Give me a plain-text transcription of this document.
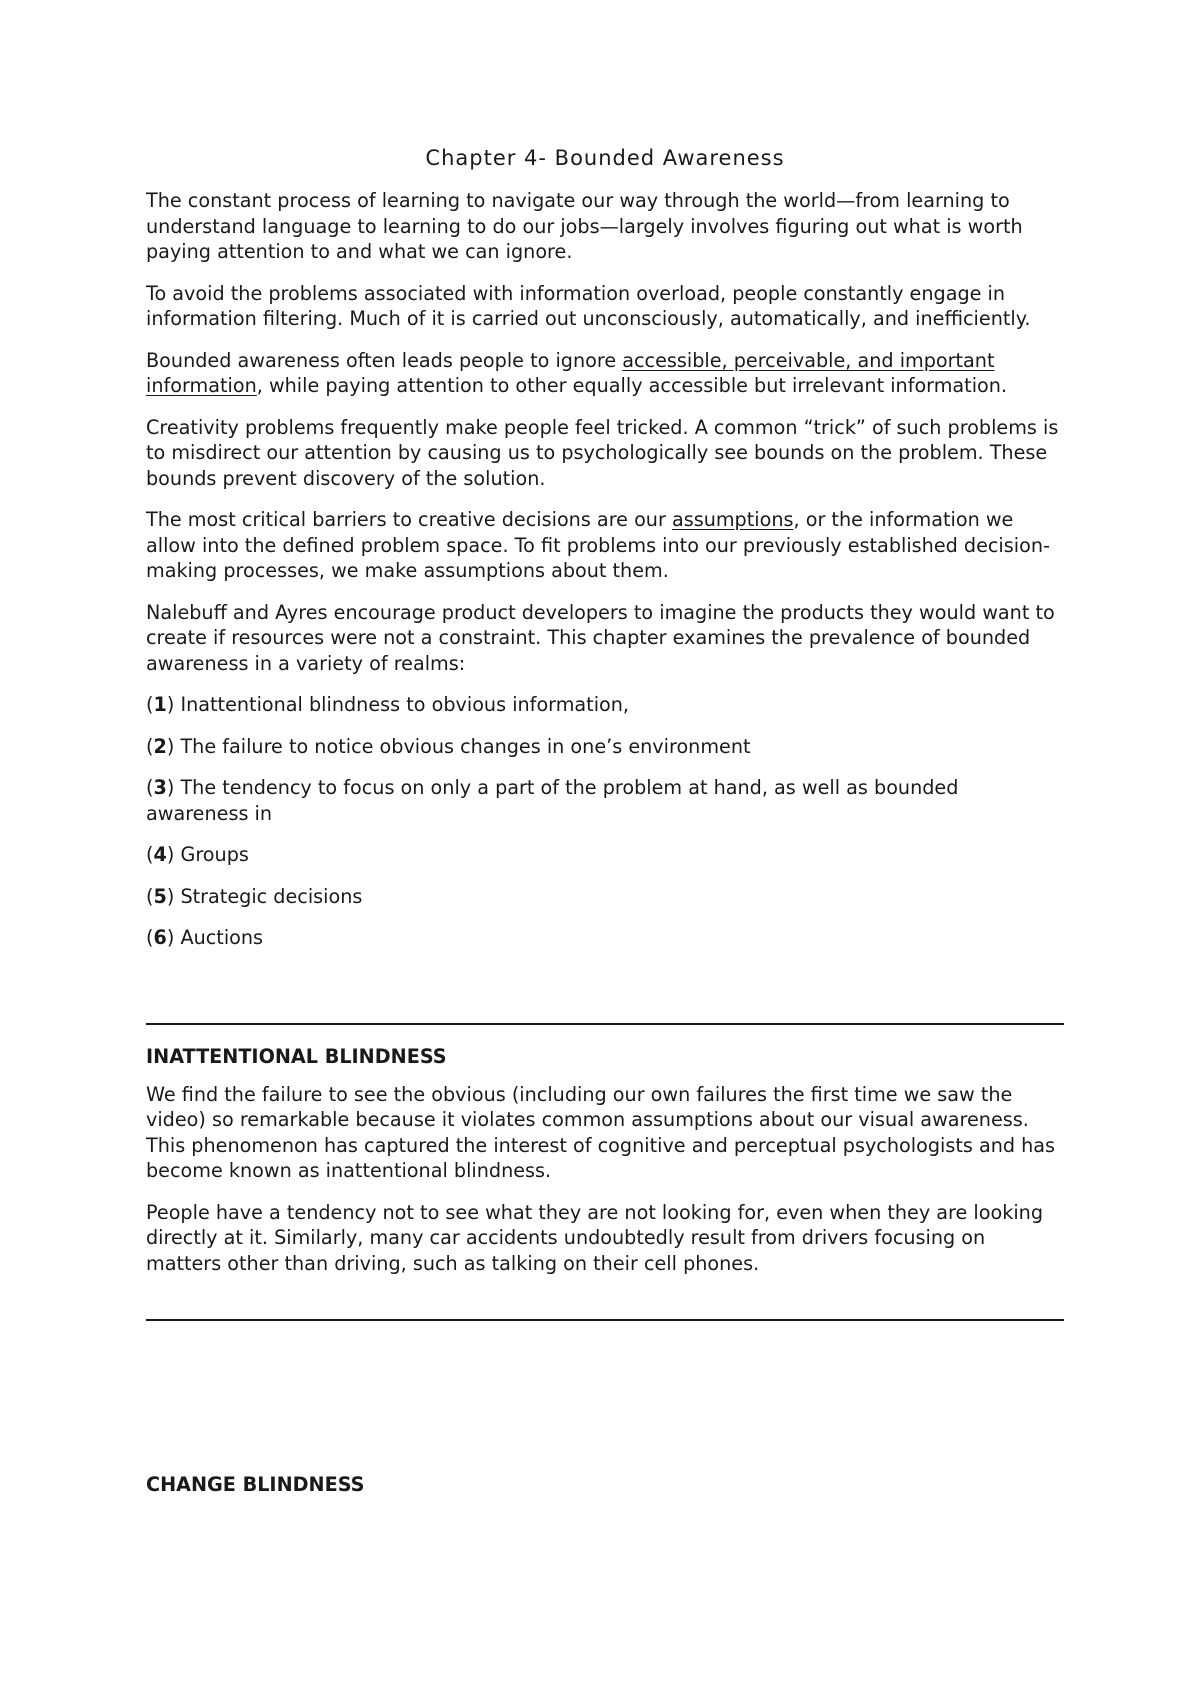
Chapter 4- Bounded Awareness

The constant process of learning to navigate our way through the world—from learning to understand language to learning to do our jobs—largely involves figuring out what is worth paying attention to and what we can ignore.

To avoid the problems associated with information overload, people constantly engage in information filtering. Much of it is carried out unconsciously, automatically, and inefficiently.

Bounded awareness often leads people to ignore accessible, perceivable, and important information, while paying attention to other equally accessible but irrelevant information.

Creativity problems frequently make people feel tricked. A common “trick” of such problems is to misdirect our attention by causing us to psychologically see bounds on the problem. These bounds prevent discovery of the solution.

The most critical barriers to creative decisions are our assumptions, or the information we allow into the defined problem space. To fit problems into our previously established decision-making processes, we make assumptions about them.

Nalebuff and Ayres encourage product developers to imagine the products they would want to create if resources were not a constraint. This chapter examines the prevalence of bounded awareness in a variety of realms:

(1) Inattentional blindness to obvious information,

(2) The failure to notice obvious changes in one’s environment

(3) The tendency to focus on only a part of the problem at hand, as well as bounded awareness in

(4) Groups

(5) Strategic decisions

(6) Auctions

INATTENTIONAL BLINDNESS

We find the failure to see the obvious (including our own failures the first time we saw the video) so remarkable because it violates common assumptions about our visual awareness. This phenomenon has captured the interest of cognitive and perceptual psychologists and has become known as inattentional blindness.

People have a tendency not to see what they are not looking for, even when they are looking directly at it. Similarly, many car accidents undoubtedly result from drivers focusing on matters other than driving, such as talking on their cell phones.

CHANGE BLINDNESS
